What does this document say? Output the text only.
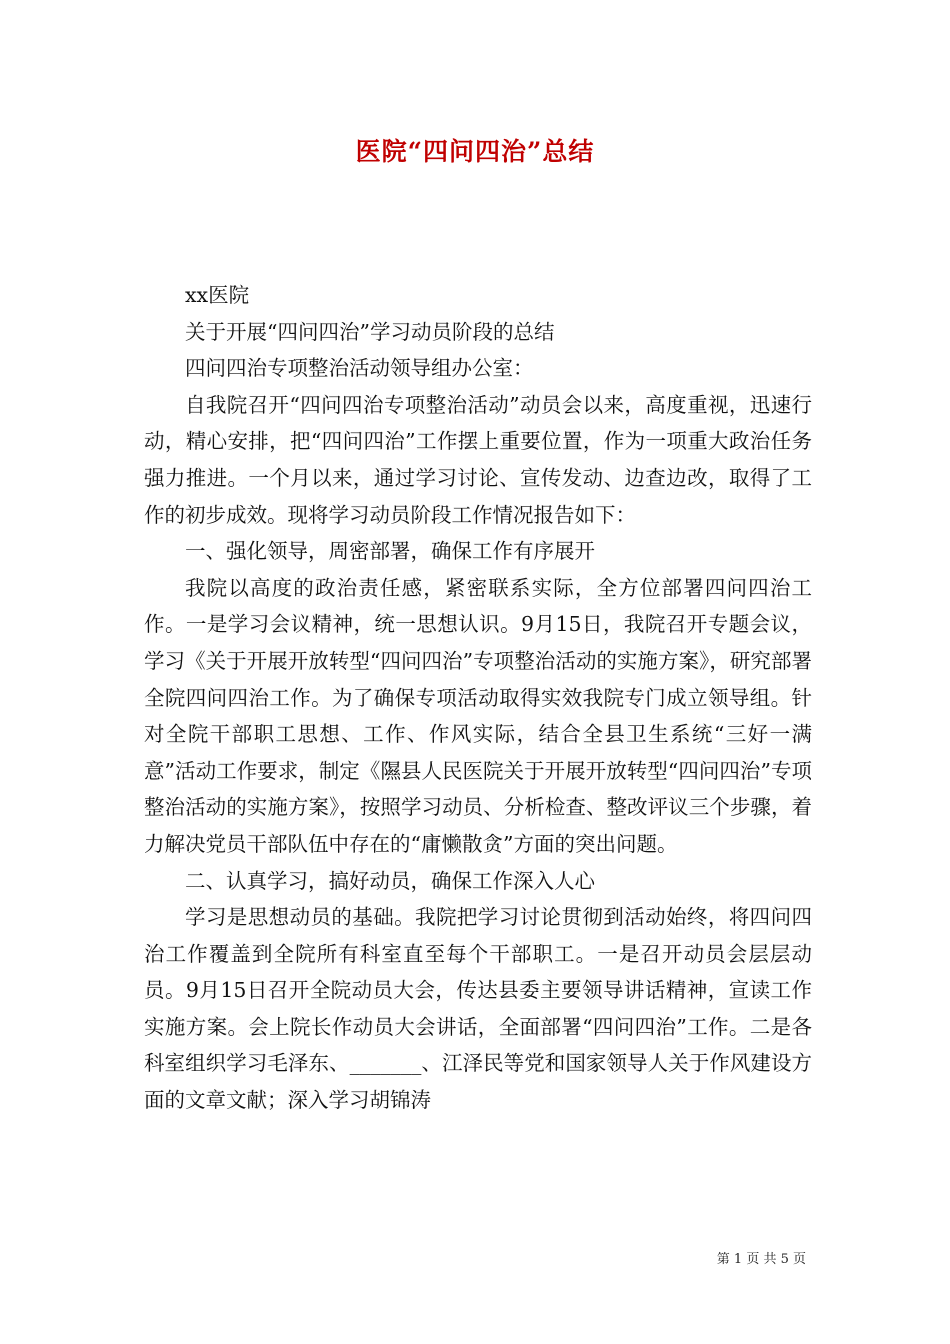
医院“四问四治”总结

xx医院

关于开展“四问四治”学习动员阶段的总结

四问四治专项整治活动领导组办公室：

自我院召开“四问四治专项整治活动”动员会以来，高度重视，迅速行动，精心安排，把“四问四治”工作摆上重要位置，作为一项重大政治任务强力推进。一个月以来，通过学习讨论、宣传发动、边查边改，取得了工作的初步成效。现将学习动员阶段工作情况报告如下：

一、强化领导，周密部署，确保工作有序展开

我院以高度的政治责任感，紧密联系实际，全方位部署四问四治工作。一是学习会议精神，统一思想认识。9月15日，我院召开专题会议，学习《关于开展开放转型“四问四治”专项整治活动的实施方案》，研究部署全院四问四治工作。为了确保专项活动取得实效我院专门成立领导组。针对全院干部职工思想、工作、作风实际，结合全县卫生系统“三好一满意”活动工作要求，制定《隰县人民医院关于开展开放转型“四问四治”专项整治活动的实施方案》，按照学习动员、分析检查、整改评议三个步骤，着力解决党员干部队伍中存在的“庸懒散贪”方面的突出问题。

二、认真学习，搞好动员，确保工作深入人心

学习是思想动员的基础。我院把学习讨论贯彻到活动始终，将四问四治工作覆盖到全院所有科室直至每个干部职工。一是召开动员会层层动员。9月15日召开全院动员大会，传达县委主要领导讲话精神，宣读工作实施方案。会上院长作动员大会讲话，全面部署“四问四治”工作。二是各科室组织学习毛泽东、_______、江泽民等党和国家领导人关于作风建设方面的文章文献；深入学习胡锦涛

第 1 页 共 5 页
